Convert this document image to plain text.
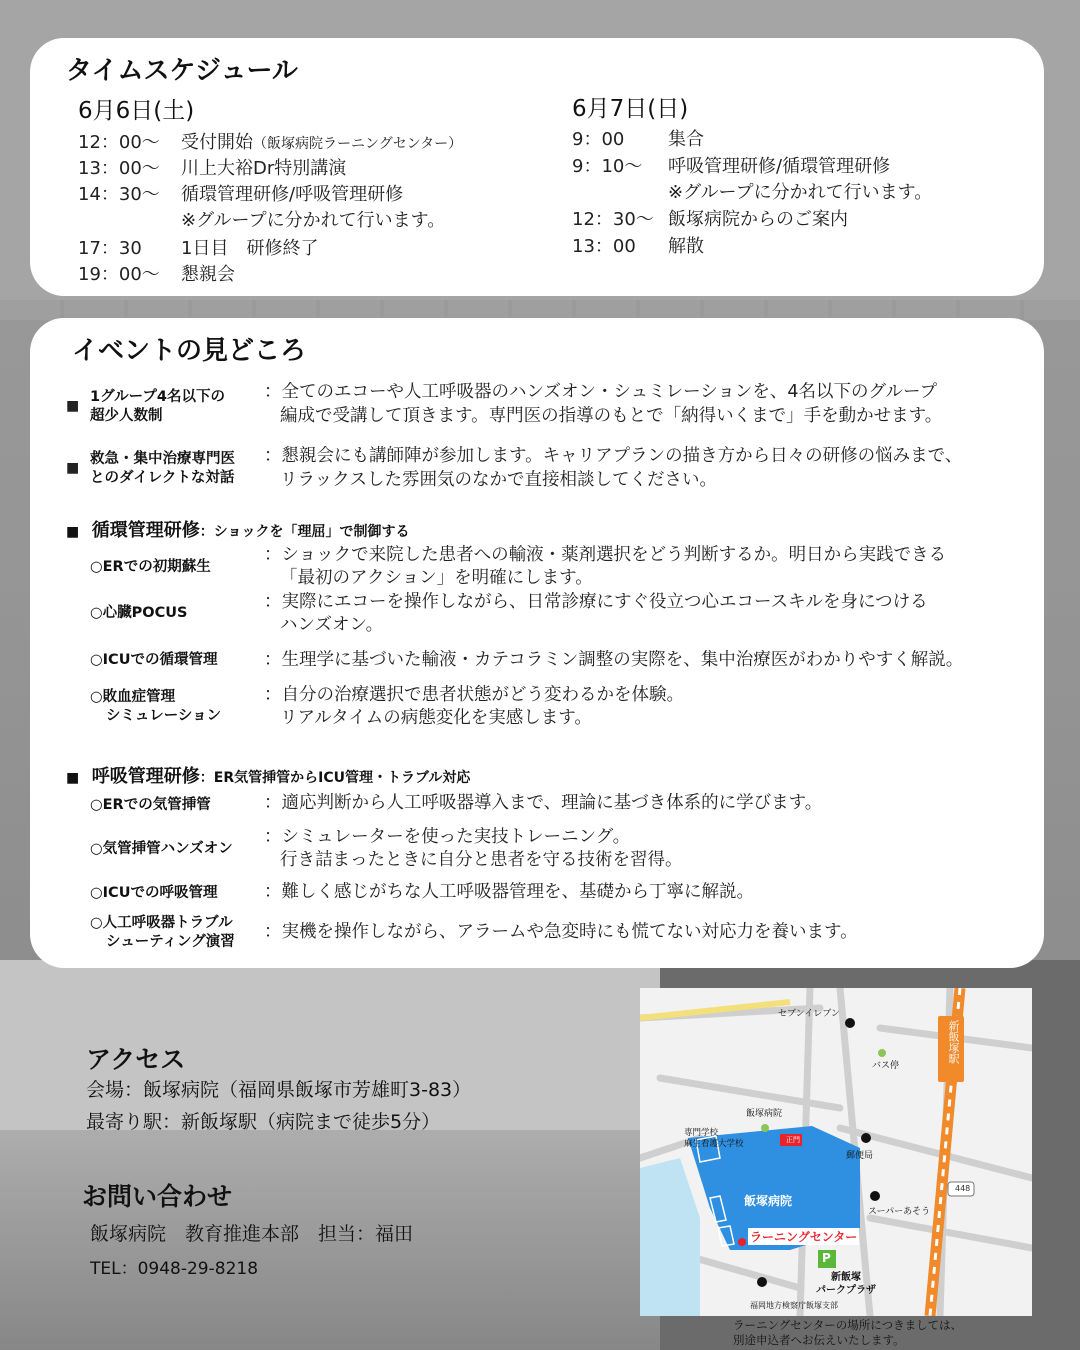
タイムスケジュール
6月6日(土)
12：00～ 受付開始（飯塚病院ラーニングセンター）
13：00～ 川上大裕Dr特別講演
14：30～ 循環管理研修/呼吸管理研修
※グループに分かれて行います。
17：30 1日目　研修終了
19：00～ 懇親会
6月7日(日)
9：00 集合
9：10～ 呼吸管理研修/循環管理研修
※グループに分かれて行います。
12：30～ 飯塚病院からのご案内
13：00 解散
イベントの見どころ
■
1グループ4名以下の
超少人数制
：全てのエコーや人工呼吸器のハンズオン・シュミレーションを、4名以下のグループ
編成で受講して頂きます。専門医の指導のもとで「納得いくまで」手を動かせます。
■
救急・集中治療専門医
とのダイレクトな対話
：懇親会にも講師陣が参加します。キャリアプランの描き方から日々の研修の悩みまで、
リラックスした雰囲気のなかで直接相談してください。
■ 循環管理研修：ショックを「理屈」で制御する
○ERでの初期蘇生
：ショックで来院した患者への輸液・薬剤選択をどう判断するか。明日から実践できる
「最初のアクション」を明確にします。
○心臓POCUS
：実際にエコーを操作しながら、日常診療にすぐ役立つ心エコースキルを身につける
ハンズオン。
○ICUでの循環管理	：生理学に基づいた輸液・カテコラミン調整の実際を、集中治療医がわかりやすく解説。
○敗血症管理
シミュレーション
：自分の治療選択で患者状態がどう変わるかを体験。
リアルタイムの病態変化を実感します。
■ 呼吸管理研修：ER気管挿管からICU管理・トラブル対応
○ERでの気管挿管	：適応判断から人工呼吸器導入まで、理論に基づき体系的に学びます。
○気管挿管ハンズオン
：シミュレーターを使った実技トレーニング。
行き詰まったときに自分と患者を守る技術を習得。
○ICUでの呼吸管理	：難しく感じがちな人工呼吸器管理を、基礎から丁寧に解説。
○人工呼吸器トラブル
シューティング演習 ：実機を操作しながら、アラームや急変時にも慌てない対応力を養います。
アクセス
会場：飯塚病院（福岡県飯塚市芳雄町3-83）
最寄り駅：新飯塚駅（病院まで徒歩5分）
お問い合わせ
飯塚病院　教育推進本部　担当：福田
TEL：0948-29-8218
セブンイレブン
バス停
新飯塚駅
飯塚病院
専門学校
麻生看護大学校	正門
郵便局
飯塚病院
448
スーパーあそう
ラーニングセンター
P
新飯塚
パークプラザ
福岡地方検察庁飯塚支部
ラーニングセンターの場所につきましては、
別途申込者へお伝えいたします。
